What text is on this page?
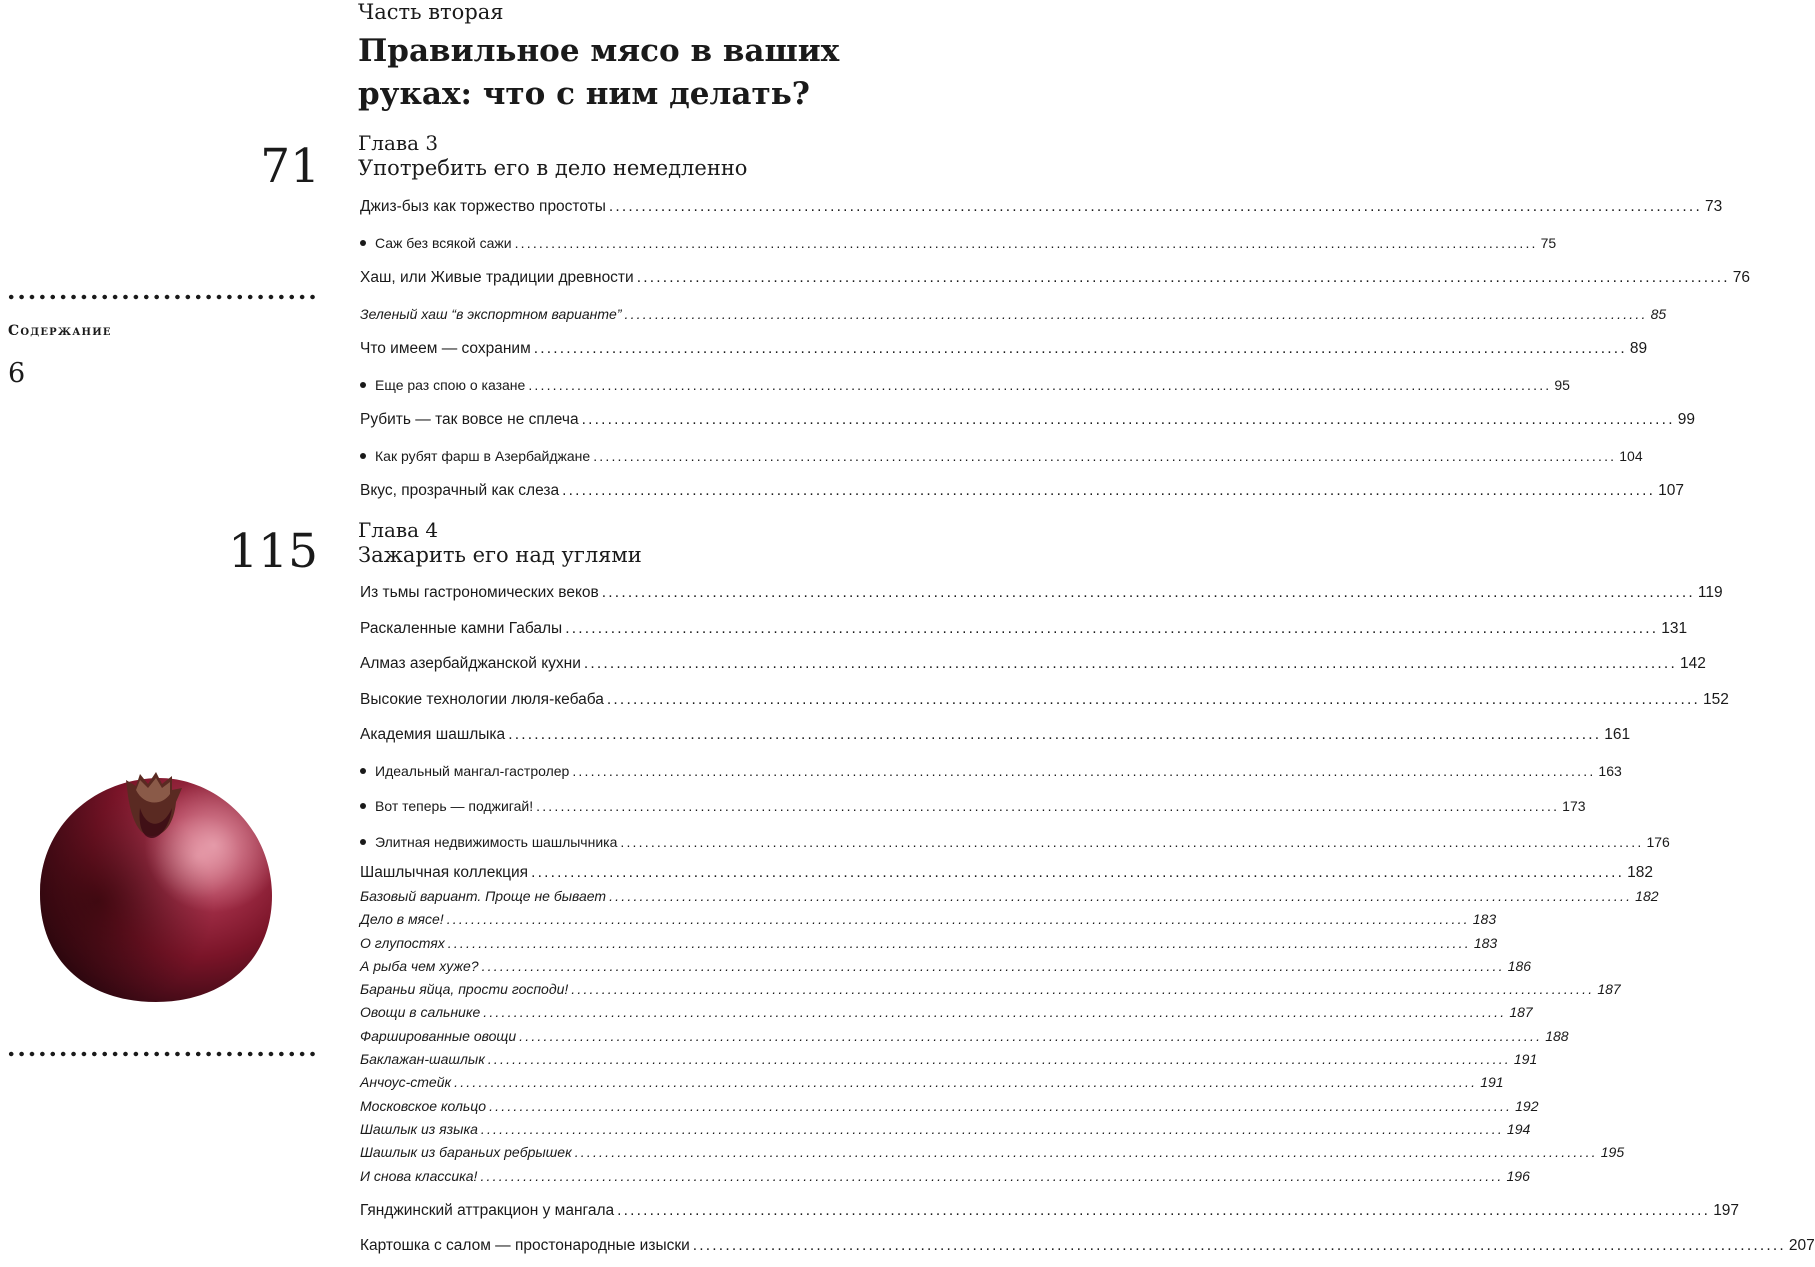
Содержание
6
71
115
Часть вторая
Правильное мясо в ваших руках: что с ним делать?
Глава 3
Употребить его в дело немедленно
Джиз-быз как торжество простоты .....	73
Саж без всякой сажи .....	75
Хаш, или Живые традиции древности .....	76
Зеленый хаш “в экспортном варианте” .....	85
Что имеем — сохраним .....	89
Еще раз спою о казане .....	95
Рубить — так вовсе не сплеча .....	99
Как рубят фарш в Азербайджане .....	104
Вкус, прозрачный как слеза .....	107
Глава 4
Зажарить его над углями
Из тьмы гастрономических веков .....	119
Раскаленные камни Габалы .....	131
Алмаз азербайджанской кухни .....	142
Высокие технологии люля-кебаба .....	152
Академия шашлыка .....	161
Идеальный мангал-гастролер .....	163
Вот теперь — поджигай! .....	173
Элитная недвижимость шашлычника .....	176
Шашлычная коллекция .....	182
Базовый вариант. Проще не бывает .....	182
Дело в мясе! .....	183
О глупостях .....	183
А рыба чем хуже? .....	186
Бараньи яйца, прости господи! .....	187
Овощи в сальнике .....	187
Фаршированные овощи .....	188
Баклажан-шашлык .....	191
Анчоус-стейк .....	191
Московское кольцо .....	192
Шашлык из языка .....	194
Шашлык из бараньих ребрышек .....	195
И снова классика! .....	196
Гянджинский аттракцион у мангала .....	197
Картошка с салом — простонародные изыски .....	207
